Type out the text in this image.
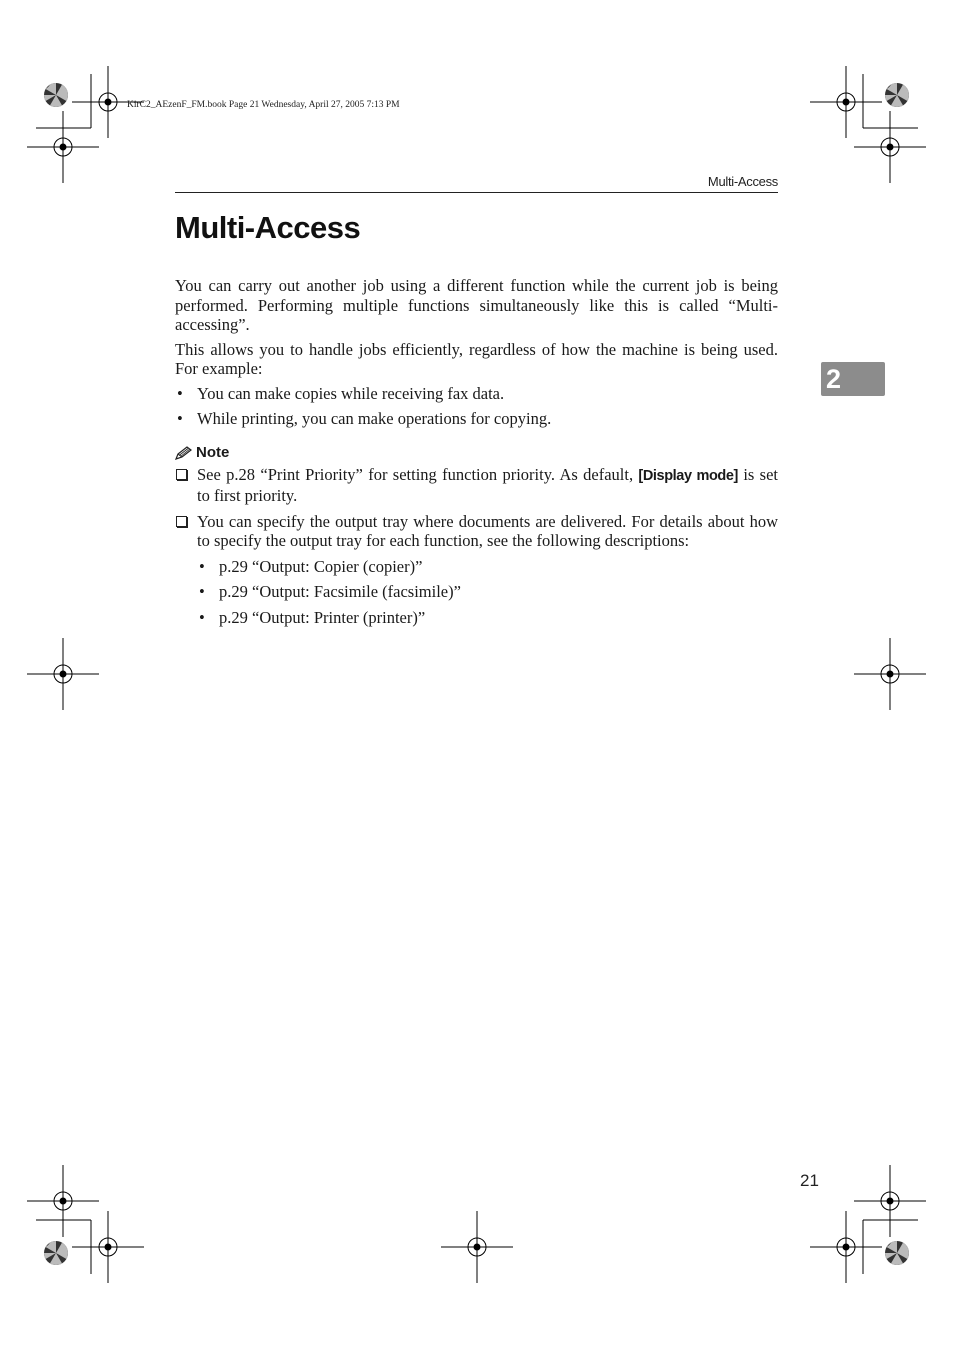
KirC2_AEzenF_FM.book Page 21 Wednesday, April 27, 2005 7:13 PM
Multi-Access
Multi-Access
2

You can carry out another job using a different function while the current job is being performed. Performing multiple functions simultaneously like this is called “Multi-accessing”.

This allows you to handle jobs efficiently, regardless of how the machine is being used. For example:

• You can make copies while receiving fax data.
• While printing, you can make operations for copying.
Note
See p.28 “Print Priority” for setting function priority. As default, [Display mode] is set to first priority.
You can specify the output tray where documents are delivered. For details about how to specify the output tray for each function, see the following descriptions:
• p.29 “Output: Copier (copier)”
• p.29 “Output: Facsimile (facsimile)”
• p.29 “Output: Printer (printer)”
21
